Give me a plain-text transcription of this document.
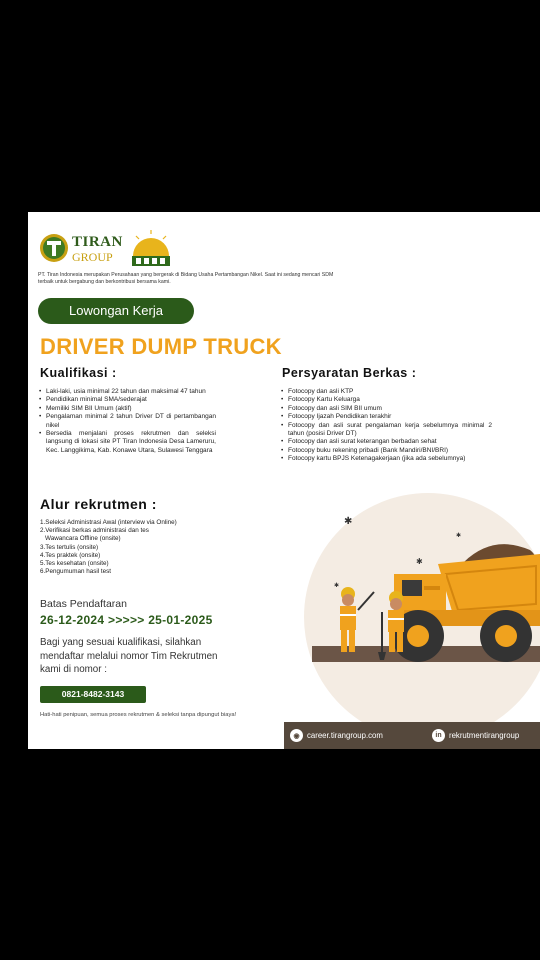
TIRAN
GROUP

PT. Tiran Indonesia merupakan Perusahaan yang bergerak di Bidang Usaha Pertambangan Nikel. Saat ini sedang mencari SDM terbaik untuk bergabung dan berkontribusi bersama kami.

Lowongan Kerja
DRIVER DUMP TRUCK
Kualifikasi :
• Laki-laki, usia minimal 22 tahun dan maksimal 47 tahun
• Pendidikan minimal SMA/sederajat
• Memiliki SIM BII Umum (aktif)
• Pengalaman minimal 2 tahun Driver DT di pertambangan nikel
• Bersedia menjalani proses rekrutmen dan seleksi langsung di lokasi site PT Tiran Indonesia Desa Lameruru, Kec. Langgikima, Kab. Konawe Utara, Sulawesi Tenggara
Persyaratan Berkas :
• Fotocopy dan asli KTP
• Fotocopy Kartu Keluarga
• Fotocopy dan asli SIM BII umum
• Fotocopy Ijazah Pendidikan terakhir
• Fotocopy dan asli surat pengalaman kerja sebelumnya minimal 2 tahun (posisi Driver DT)
• Fotocopy dan asli surat keterangan berbadan sehat
• Fotocopy buku rekening pribadi (Bank Mandiri/BNI/BRI)
• Fotocopy kartu BPJS Ketenagakerjaan (jika ada sebelumnya)
Alur rekrutmen :
1.Seleksi Administrasi Awal (interview via Online)
2.Verifikasi berkas administrasi dan tes
Wawancara Offline (onsite)
3.Tes tertulis (onsite)
4.Tes praktek (onsite)
5.Tes kesehatan (onsite)
6.Pengumuman hasil test
Batas Pendaftaran
26-12-2024 >>>>> 25-01-2025

Bagi yang sesuai kualifikasi, silahkan mendaftar melalui nomor Tim Rekrutmen kami di nomor :

0821-8482-3143

Hati-hati penipuan, semua proses rekrutmen & seleksi tanpa dipungut biaya!

✱
✱
✱
✱
◉ career.tirangroup.com	in rekrutmentirangroup
